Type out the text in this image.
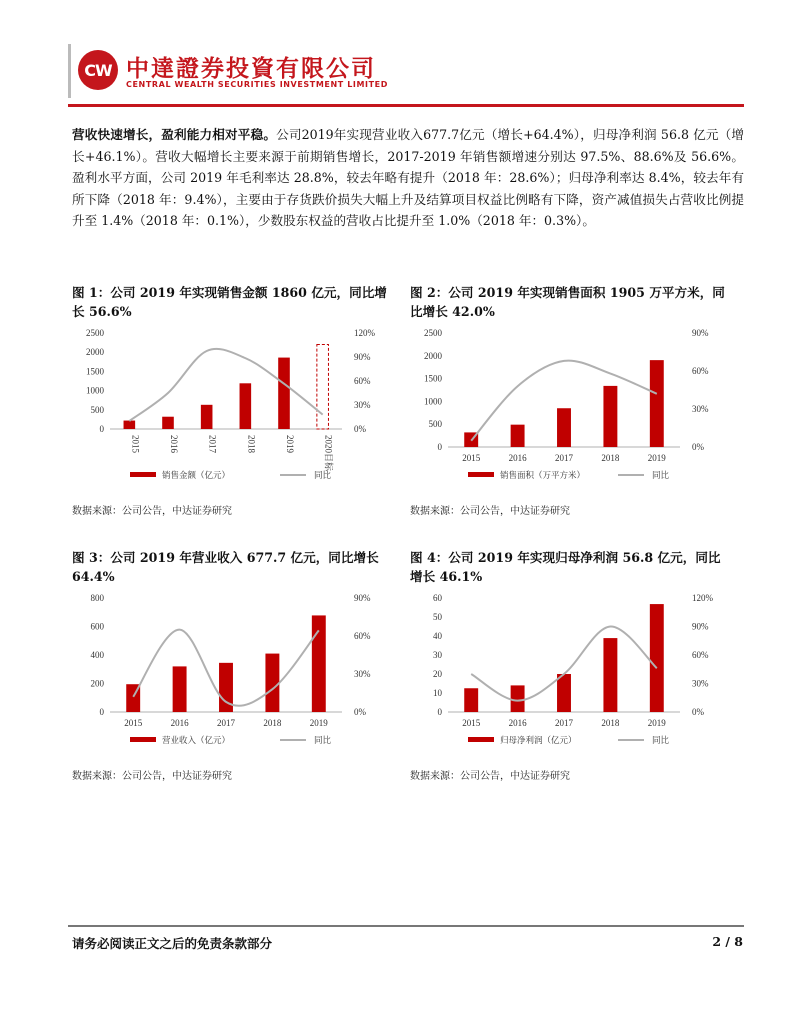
CW 中達證券投資有限公司
CENTRAL WEALTH SECURITIES INVESTMENT LIMITED
营收快速增长，盈利能力相对平稳。公司2019年实现营业收入677.7亿元（增长+64.4%），归母净利润 56.8 亿元（增长+46.1%）。营收大幅增长主要来源于前期销售增长，2017-2019 年销售额增速分别达 97.5%、88.6%及 56.6%。盈利水平方面，公司 2019 年毛利率达 28.8%，较去年略有提升（2018 年：28.6%）；归母净利率达 8.4%，较去年有所下降（2018 年：9.4%），主要由于存货跌价损失大幅上升及结算项目权益比例略有下降，资产减值损失占营收比例提升至 1.4%（2018 年：0.1%），少数股东权益的营收占比提升至 1.0%（2018 年：0.3%）。
图 1：公司 2019 年实现销售金额 1860 亿元，同比增长 56.6%
0
500
1000
1500
2000
2500
0%
30%
60%
90%
120%
2015	2016	2017	2018	2019	2020目标
销售金额（亿元）	同比
数据来源：公司公告，中达证券研究
图 2：公司 2019 年实现销售面积 1905 万平方米，同比增长 42.0%
0
500
1000
1500
2000
2500
0%
30%
60%
90%
2015	2016	2017	2018	2019
销售面积（万平方米）	同比
数据来源：公司公告，中达证券研究
图 3：公司 2019 年营业收入 677.7 亿元，同比增长 64.4%
0
200
400
600
800
0%
30%
60%
90%
2015	2016	2017	2018	2019
营业收入（亿元）	同比
数据来源：公司公告，中达证券研究
图 4：公司 2019 年实现归母净利润 56.8 亿元，同比增长 46.1%
0
10
20
30
40
50
60
0%
30%
60%
90%
120%
2015	2016	2017	2018	2019
归母净利润（亿元）	同比
数据来源：公司公告，中达证券研究
请务必阅读正文之后的免责条款部分	2 / 8
